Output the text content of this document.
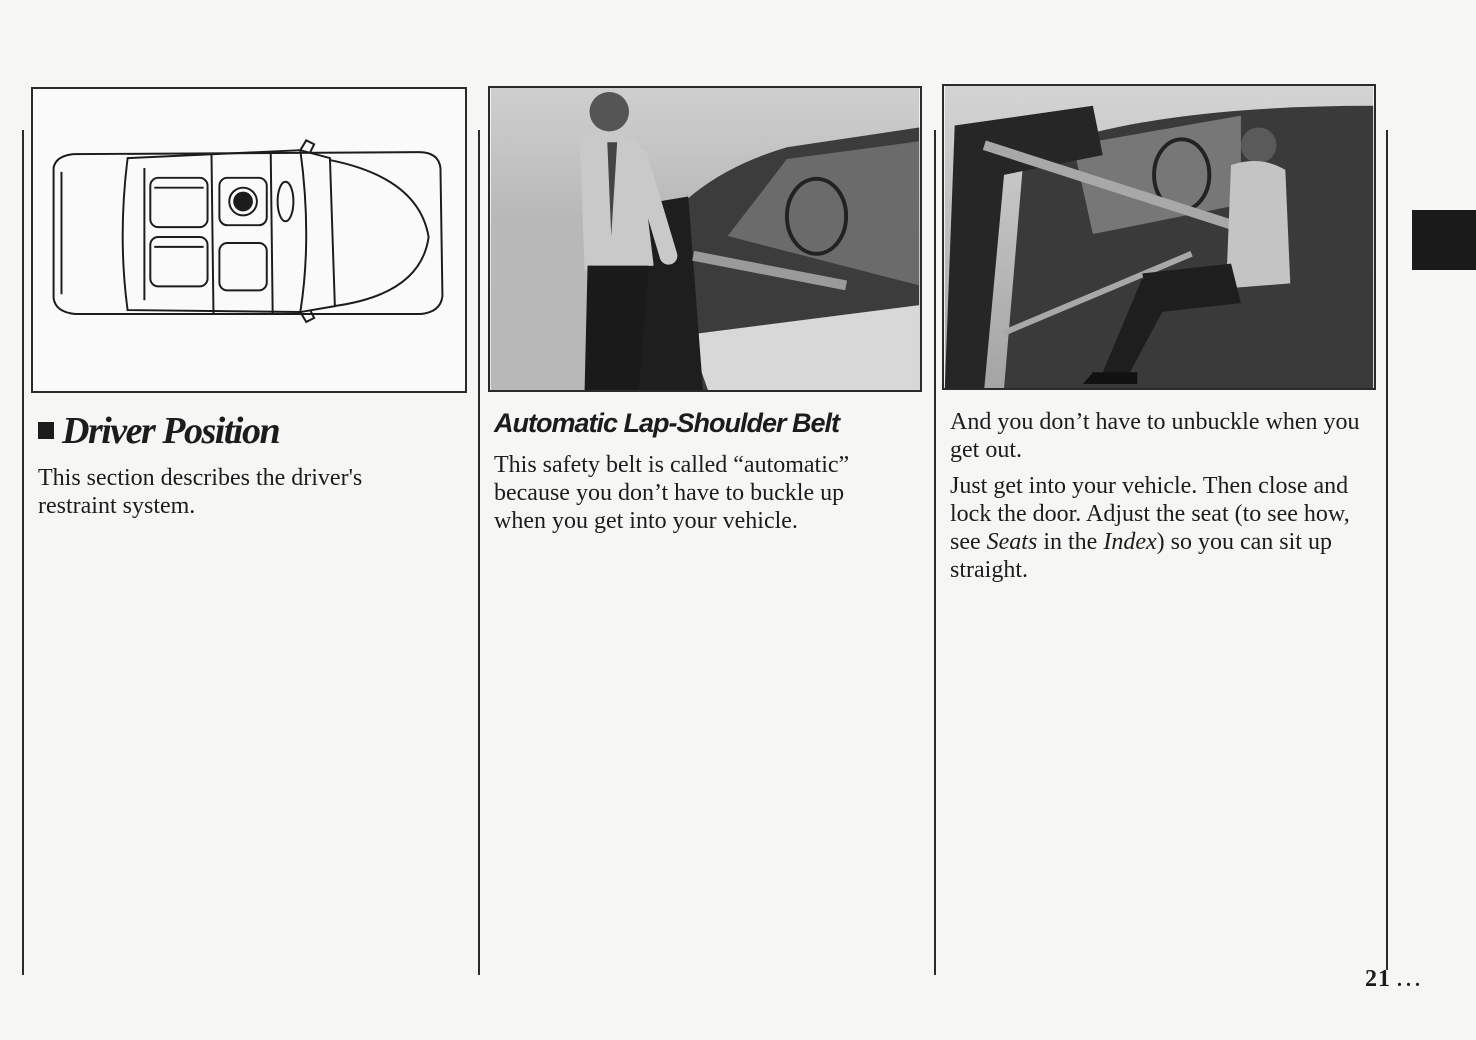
Driver Position

This section describes the driver's restraint system.

Automatic Lap-Shoulder Belt

This safety belt is called “automatic” because you don’t have to buckle up when you get into your vehicle.

And you don’t have to unbuckle when you get out.

Just get into your vehicle. Then close and lock the door. Adjust the seat (to see how, see Seats in the Index) so you can sit up straight.

21 ...
